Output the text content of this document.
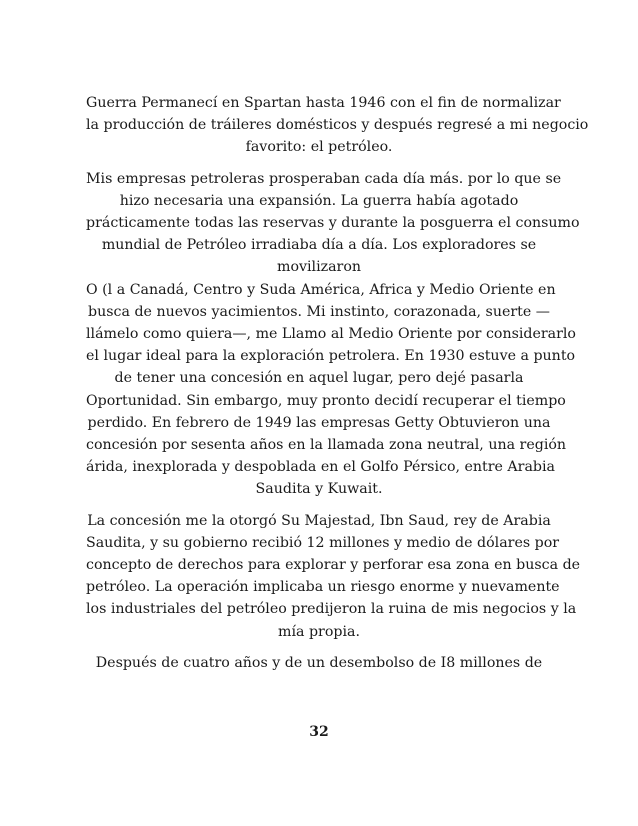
Guerra Permanecí en Spartan hasta 1946 con el fin de normalizar
la producción de tráileres domésticos y después regresé a mi negocio
favorito: el petróleo.

Mis empresas petroleras prosperaban cada día más. por lo que se
hizo necesaria una expansión. La guerra había agotado
prácticamente todas las reservas y durante la posguerra el consumo
mundial de Petróleo irradiaba día a día. Los exploradores se
movilizaron
O (l a Canadá, Centro y Suda América, Africa y Medio Oriente en
busca de nuevos yacimientos. Mi instinto, corazonada, suerte —
llámelo como quiera—, me Llamo al Medio Oriente por considerarlo
el lugar ideal para la exploración petrolera. En 1930 estuve a punto
de tener una concesión en aquel lugar, pero dejé pasarla
Oportunidad. Sin embargo, muy pronto decidí recuperar el tiempo
perdido. En febrero de 1949 las empresas Getty Obtuvieron una
concesión por sesenta años en la llamada zona neutral, una región
árida, inexplorada y despoblada en el Golfo Pérsico, entre Arabia
Saudita y Kuwait.

La concesión me la otorgó Su Majestad, Ibn Saud, rey de Arabia
Saudita, y su gobierno recibió 12 millones y medio de dólares por
concepto de derechos para explorar y perforar esa zona en busca de
petróleo. La operación implicaba un riesgo enorme y nuevamente
los industriales del petróleo predijeron la ruina de mis negocios y la
mía propia.

Después de cuatro años y de un desembolso de I8 millones de

32
